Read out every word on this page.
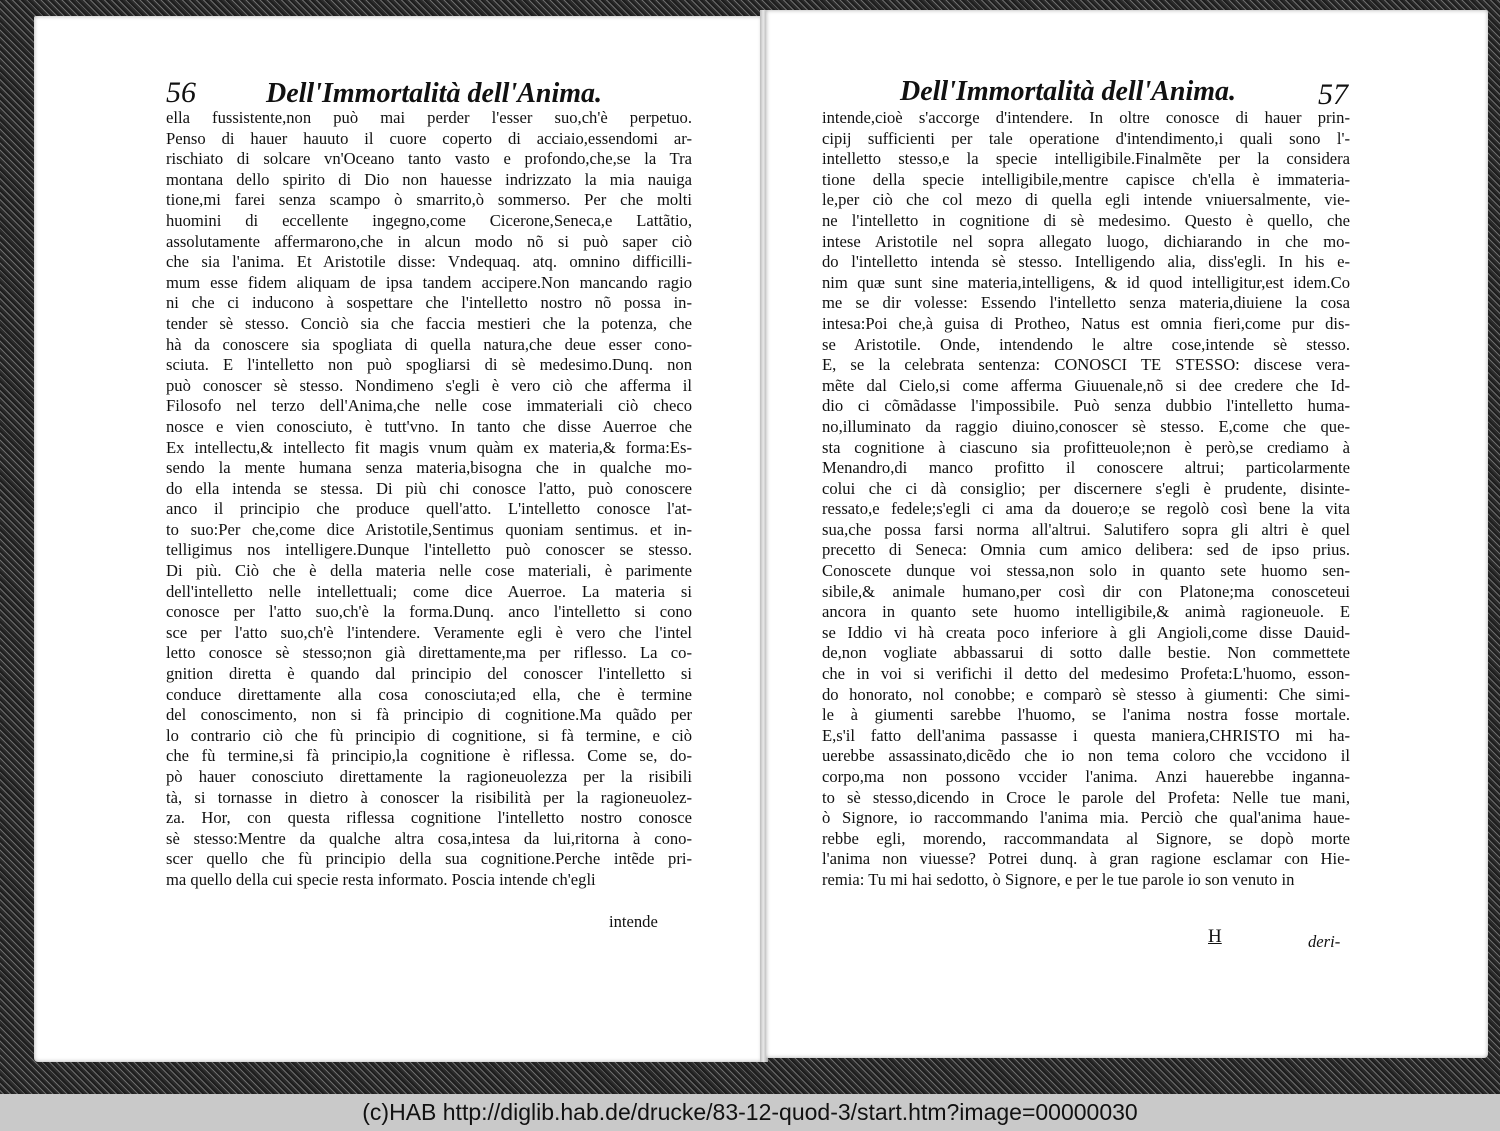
56	Dell'Immortalità dell'Anima.
ella fussistente,non può mai perder l'esser suo,ch'è perpetuo.
Penso di hauer hauuto il cuore coperto di acciaio,essendomi ar-
rischiato di solcare vn'Oceano tanto vasto e profondo,che,se la Tra
montana dello spirito di Dio non hauesse indrizzato la mia nauiga
tione,mi farei senza scampo ò smarrito,ò sommerso. Per che molti
huomini di eccellente ingegno,come Cicerone,Seneca,e Lattãtio,
assolutamente affermarono,che in alcun modo nõ si può saper ciò
che sia l'anima. Et Aristotile disse: Vndequaq. atq. omnino difficilli-
mum esse fidem aliquam de ipsa tandem accipere.Non mancando ragio
ni che ci inducono à sospettare che l'intelletto nostro nõ possa in-
tender sè stesso. Conciò sia che faccia mestieri che la potenza, che
hà da conoscere sia spogliata di quella natura,che deue esser cono-
sciuta. E l'intelletto non può spogliarsi di sè medesimo.Dunq. non
può conoscer sè stesso. Nondimeno s'egli è vero ciò che afferma il
Filosofo nel terzo dell'Anima,che nelle cose immateriali ciò checo
nosce e vien conosciuto, è tutt'vno. In tanto che disse Auerroe che
Ex intellectu,& intellecto fit magis vnum quàm ex materia,& forma:Es-
sendo la mente humana senza materia,bisogna che in qualche mo-
do ella intenda se stessa. Di più chi conosce l'atto, può conoscere
anco il principio che produce quell'atto. L'intelletto conosce l'at-
to suo:Per che,come dice Aristotile,Sentimus quoniam sentimus. et in-
telligimus nos intelligere.Dunque l'intelletto può conoscer se stesso.
Di più. Ciò che è della materia nelle cose materiali, è parimente
dell'intelletto nelle intellettuali; come dice Auerroe. La materia si
conosce per l'atto suo,ch'è la forma.Dunq. anco l'intelletto si cono
sce per l'atto suo,ch'è l'intendere. Veramente egli è vero che l'intel
letto conosce sè stesso;non già direttamente,ma per riflesso. La co-
gnition diretta è quando dal principio del conoscer l'intelletto si
conduce direttamente alla cosa conosciuta;ed ella, che è termine
del conoscimento, non si fà principio di cognitione.Ma quãdo per
lo contrario ciò che fù principio di cognitione, si fà termine, e ciò
che fù termine,si fà principio,la cognitione è riflessa. Come se, do-
pò hauer conosciuto direttamente la ragioneuolezza per la risibili
tà, si tornasse in dietro à conoscer la risibilità per la ragioneuolez-
za. Hor, con questa riflessa cognitione l'intelletto nostro conosce
sè stesso:Mentre da qualche altra cosa,intesa da lui,ritorna à cono-
scer quello che fù principio della sua cognitione.Perche intẽde pri-
ma quello della cui specie resta informato. Poscia intende ch'egli
intende
Dell'Immortalità dell'Anima.	57
intende,cioè s'accorge d'intendere. In oltre conosce di hauer prin-
cipij sufficienti per tale operatione d'intendimento,i quali sono l'-
intelletto stesso,e la specie intelligibile.Finalmẽte per la considera
tione della specie intelligibile,mentre capisce ch'ella è immateria-
le,per ciò che col mezo di quella egli intende vniuersalmente, vie-
ne l'intelletto in cognitione di sè medesimo. Questo è quello, che
intese Aristotile nel sopra allegato luogo, dichiarando in che mo-
do l'intelletto intenda sè stesso. Intelligendo alia, diss'egli. In his e-
nim quæ sunt sine materia,intelligens, & id quod intelligitur,est idem.Co
me se dir volesse: Essendo l'intelletto senza materia,diuiene la cosa
intesa:Poi che,à guisa di Protheo, Natus est omnia fieri,come pur dis-
se Aristotile. Onde, intendendo le altre cose,intende sè stesso.
E, se la celebrata sentenza: CONOSCI TE STESSO: discese vera-
mẽte dal Cielo,si come afferma Giuuenale,nõ si dee credere che Id-
dio ci cõmãdasse l'impossibile. Può senza dubbio l'intelletto huma-
no,illuminato da raggio diuino,conoscer sè stesso. E,come che que-
sta cognitione à ciascuno sia profitteuole;non è però,se crediamo à
Menandro,di manco profitto il conoscere altrui; particolarmente
colui che ci dà consiglio; per discernere s'egli è prudente, disinte-
ressato,e fedele;s'egli ci ama da douero;e se regolò così bene la vita
sua,che possa farsi norma all'altrui. Salutifero sopra gli altri è quel
precetto di Seneca: Omnia cum amico delibera: sed de ipso prius.
Conoscete dunque voi stessa,non solo in quanto sete huomo sen-
sibile,& animale humano,per così dir con Platone;ma conosceteui
ancora in quanto sete huomo intelligibile,& animà ragioneuole. E
se Iddio vi hà creata poco inferiore à gli Angioli,come disse Dauid-
de,non vogliate abbassarui di sotto dalle bestie. Non commettete
che in voi si verifichi il detto del medesimo Profeta:L'huomo, esson-
do honorato, nol conobbe; e comparò sè stesso à giumenti: Che simi-
le à giumenti sarebbe l'huomo, se l'anima nostra fosse mortale.
E,s'il fatto dell'anima passasse i questa maniera,CHRISTO mi ha-
uerebbe assassinato,dicẽdo che io non tema coloro che vccidono il
corpo,ma non possono vccider l'anima. Anzi hauerebbe inganna-
to sè stesso,dicendo in Croce le parole del Profeta: Nelle tue mani,
ò Signore, io raccommando l'anima mia. Perciò che qual'anima haue-
rebbe egli, morendo, raccommandata al Signore, se dopò morte
l'anima non viuesse? Potrei dunq. à gran ragione esclamar con Hie-
remia: Tu mi hai sedotto, ò Signore, e per le tue parole io son venuto in
H	deri-
(c)HAB http://diglib.hab.de/drucke/83-12-quod-3/start.htm?image=00000030
